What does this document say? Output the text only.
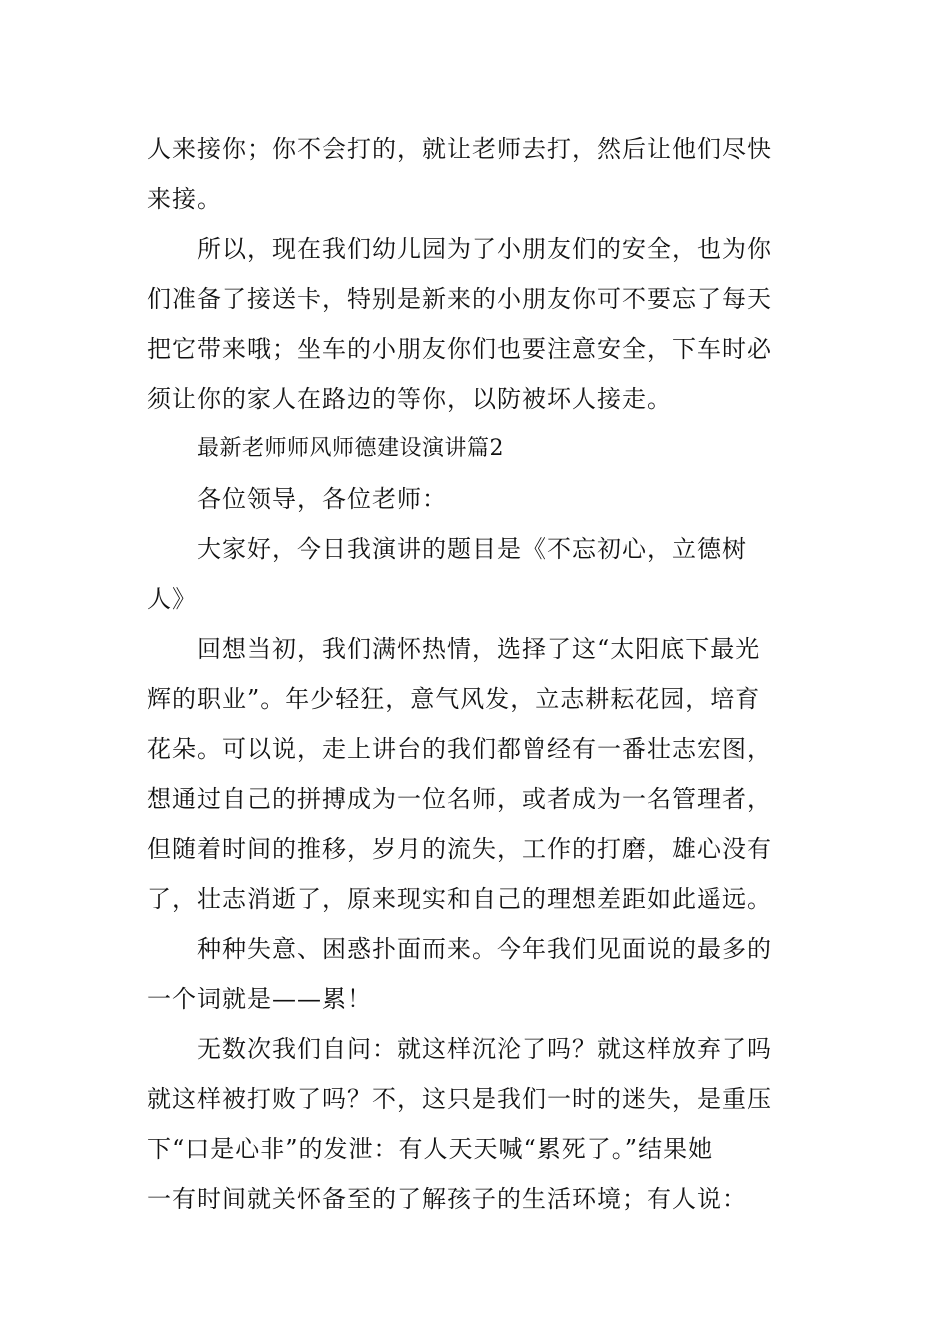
人来接你；你不会打的，就让老师去打，然后让他们尽快
来接。
所以，现在我们幼儿园为了小朋友们的安全，也为你
们准备了接送卡，特别是新来的小朋友你可不要忘了每天
把它带来哦；坐车的小朋友你们也要注意安全，下车时必
须让你的家人在路边的等你，以防被坏人接走。
最新老师师风师德建设演讲篇2
各位领导，各位老师：
大家好，今日我演讲的题目是《不忘初心，立德树
人》
回想当初，我们满怀热情，选择了这“太阳底下最光
辉的职业”。年少轻狂，意气风发，立志耕耘花园，培育
花朵。可以说，走上讲台的我们都曾经有一番壮志宏图，
想通过自己的拼搏成为一位名师，或者成为一名管理者，
但随着时间的推移，岁月的流失，工作的打磨，雄心没有
了，壮志消逝了，原来现实和自己的理想差距如此遥远。
种种失意、困惑扑面而来。今年我们见面说的最多的
一个词就是——累！
无数次我们自问：就这样沉沦了吗？就这样放弃了吗
就这样被打败了吗？不，这只是我们一时的迷失，是重压
下“口是心非”的发泄：有人天天喊“累死了。”结果她
一有时间就关怀备至的了解孩子的生活环境；有人说：
